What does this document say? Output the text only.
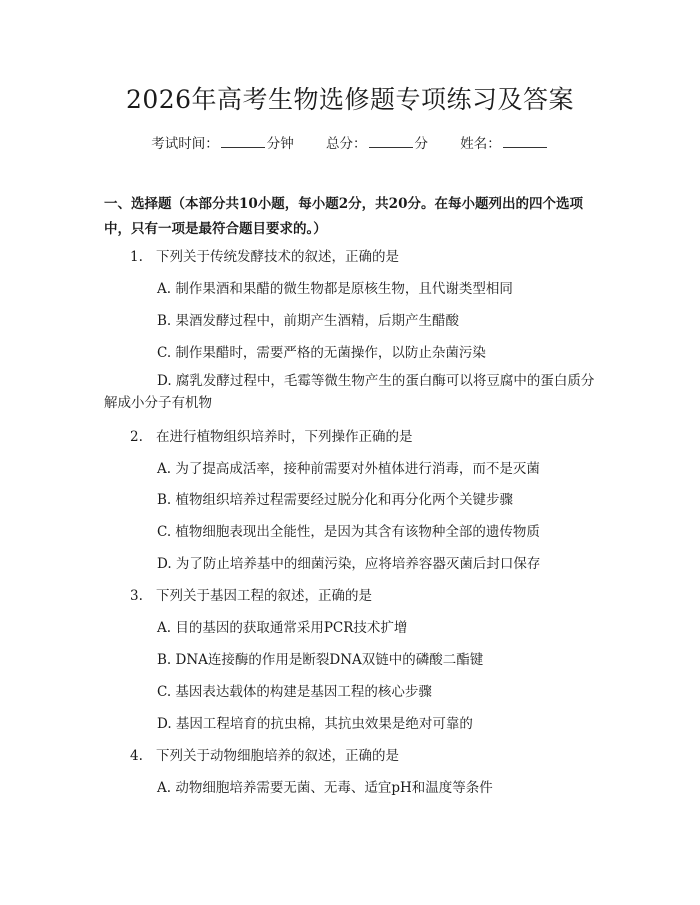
2026年高考生物选修题专项练习及答案
考试时间：	分钟 总分：	分 姓名：
一、选择题（本部分共10小题，每小题2分，共20分。在每小题列出的四个选项中，只有一项是最符合题目要求的。）
1. 下列关于传统发酵技术的叙述，正确的是
A. 制作果酒和果醋的微生物都是原核生物，且代谢类型相同
B. 果酒发酵过程中，前期产生酒精，后期产生醋酸
C. 制作果醋时，需要严格的无菌操作，以防止杂菌污染
D. 腐乳发酵过程中，毛霉等微生物产生的蛋白酶可以将豆腐中的蛋白质分解成小分子有机物
2. 在进行植物组织培养时，下列操作正确的是
A. 为了提高成活率，接种前需要对外植体进行消毒，而不是灭菌
B. 植物组织培养过程需要经过脱分化和再分化两个关键步骤
C. 植物细胞表现出全能性，是因为其含有该物种全部的遗传物质
D. 为了防止培养基中的细菌污染，应将培养容器灭菌后封口保存
3. 下列关于基因工程的叙述，正确的是
A. 目的基因的获取通常采用PCR技术扩增
B. DNA连接酶的作用是断裂DNA双链中的磷酸二酯键
C. 基因表达载体的构建是基因工程的核心步骤
D. 基因工程培育的抗虫棉，其抗虫效果是绝对可靠的
4. 下列关于动物细胞培养的叙述，正确的是
A. 动物细胞培养需要无菌、无毒、适宜pH和温度等条件
